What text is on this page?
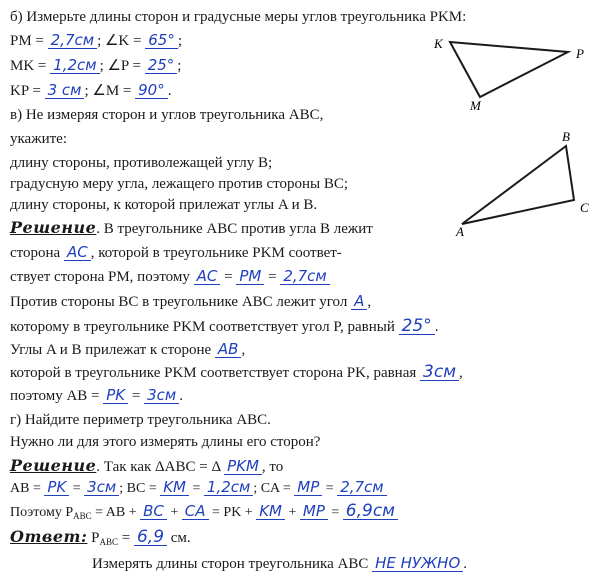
б) Измерьте длины сторон и градусные меры углов треугольника PKM:
PM = 2,7см ; ∠K = 65° ;
MK = 1,2см ; ∠P = 25° ;
KP = 3 см ; ∠M = 90° .
K
P
M
в) Не измеряя сторон и углов треугольника ABC,
укажите:
длину стороны, противолежащей углу B;
градусную меру угла, лежащего против стороны BC;
длину стороны, к которой прилежат углы A и B.
A
B
C
Решение. В треугольнике ABC против угла B лежит
сторона AC , которой в треугольнике PKM соответ-
ствует сторона PM, поэтому AC = PM = 2,7см
Против стороны BC в треугольнике ABC лежит угол A ,
которому в треугольнике PKM соответствует угол P, равный 25° .
Углы A и B прилежат к стороне AB ,
которой в треугольнике PKM соответствует сторона PK, равная 3см ,
поэтому AB = PK = 3см .
г) Найдите периметр треугольника ABC.
Нужно ли для этого измерять длины его сторон?
Решение. Так как ΔABC = Δ PKM , то
AB = PK = 3см ; BC = KM = 1,2см ; CA = MP = 2,7см
Поэтому $P_{ABC}$ = AB + BC + CA = PK + KM + MP = 6,9см
Ответ: $P_{ABC} = 6,9$ см.
Измерять длины сторон треугольника ABC НЕ НУЖНО .
